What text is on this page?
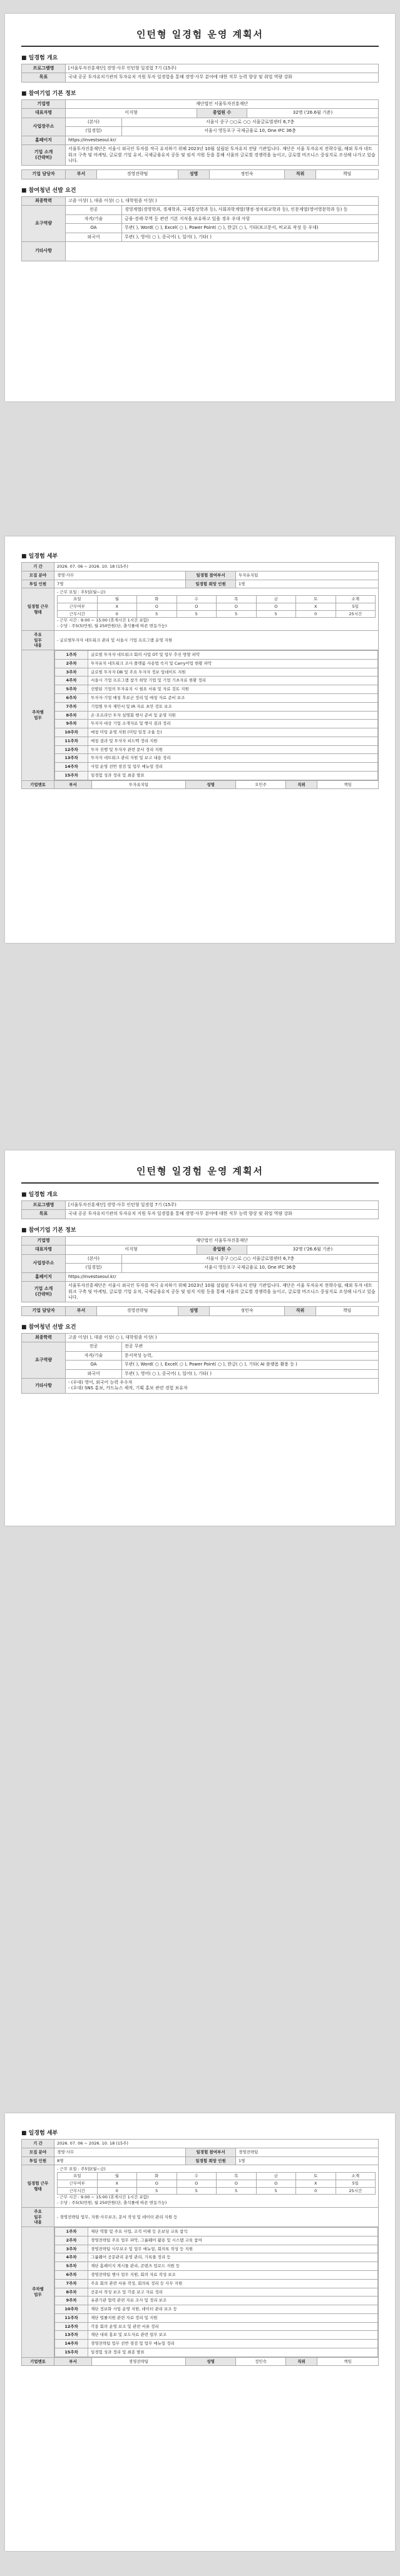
인턴형 일경험 운영 계획서
■ 일경험 개요
프로그램명	[서울투자진흥재단] 경영·사무 인턴형 일경험 7기 (15주)
목표	국내 공공 투자유치기관의 투자유치 지원 투자 일경험을 통해 경영·사무 분야에 대한 직무 능력 향상 및 취업 역량 강화
■ 참여기업 기본 정보
기업명	재단법인 서울투자진흥재단			
대표자명	이지형		종업원 수	32명 ('26.6월 기준)
사업장주소	(본사)	서울시 중구 ○○로 ○○ 서울글로벌센터 6,7층		
	(일경험)	서울시 영등포구 국제금융로 10, One IFC 36층		
홈페이지	https://investseoul.kr/			
기업 소개
(간략히)	서울투자진흥재단은 서울시 외국인 투자를 적극 유치하기 위해 2023년 10월 설립된 투자유치 전담 기관입니다. 재단은 서울 투자유치 전략수립, 해외 투자 네트워크 구축 및 마케팅, 글로벌 기업 유치, 국제금융유치 공동 및 임직 지원 등을 통해 서울의 글로벌 경쟁력을 높이고, 글로벌 비즈니스 중심지로 조성해 나가고 있습니다.			
기업 담당자	부서	경영전략팀	성명	정민숙	직위	책임
■ 참여청년 선발 요건
최종학력	고졸 이상( ), 대졸 이상( ○ ), 대학원졸 이상( )	
요구역량	전공	경영계열(경영학과, 경제학과, 국제통상학과 등), 사회과학계열(행정·정치외교학과 등), 인문계열(영어영문학과 등) 등
	자격/기술	금융·경제·무역 등 관련 기본 지식을 보유하고 있을 경우 우대 사항
	OA	무관( ), Word( ○ ), Excel( ○ ), Power Point( ○ ), 한글( ○ ), 기타(보고문서, 비교표 작성 등 우대)
	외국어	무관( ), 영어( ○ ), 중국어( ), 일어( ), 기타( )
기타사항		
■ 일경험 세부
기 간	2026. 07. 06 ~ 2026. 10. 18 (15주)
모집 분야	경영·사무	일경험 참여부서	투자유치팀
투입 인원	7명	일경험 희망 인원	1명
일경험 근무
형태	
- 근무 요일 : 주5일(월~금)
요일	월	화	수	목	금	토	소계
근무여부	X	O	O	O	O	X	5일
근무시간	0	5	5	5	5	0	25시간
- 근무 시간 : 9:00 ~ 15:00 (휴게시간 1시간 포함)
- 수당 : 주5(5)만원, 월 250만원(단, 출석률에 따른 변동가능)

주요
일무
내용	- 글로벌투자자 네트워크 관리 및 서울시 기업 프로그램 운영 지원
주차별
업무	
1주차	글로벌 투자자 네트워크 회의 사업 OT 및 업무 추진 방향 파악
2주차	투자유치 네트워크 조사 플랫폼 사용법 숙지 및 Carry어업 현황 파악
3주차	글로벌 투자자 DB 및 주요 투자자 정보 업데이트 지원
4주차	서울시 기업 프로그램 참가 희망 기업 및 기업 기초자료 현황 정리
5주차	선발된 기업의 투자유치 시 필요 서류 및 자료 검토 지원
6주차	투자자·기업 매칭 후보군 정리 및 매칭 자료 준비 보조
7주차	기업별 투자 제안서 및 IR 자료 초안 검토 보조
8주차	온·오프라인 투자 설명회 행사 준비 및 운영 지원
9주차	투자자 대상 기업 소개자료 및 행사 결과 정리
10주차	매칭 미팅 운영 지원 (미팅 일정 조율 등)
11주차	매칭 결과 및 투자자 피드백 정리 지원
12주차	투자 진행 및 투자자 관련 문서 정리 지원
13주차	투자자 네트워크 관리 지원 및 보고 내용 정리
14주차	사업 운영 전반 점검 및 업무 매뉴얼 정리
15주차	일경험 성과 정리 및 최종 발표

기업멘토	부서	투자유치팀	성명	오민주	직위	책임
인턴형 일경험 운영 계획서
■ 일경험 개요
프로그램명	[서울투자진흥재단] 경영·사무 인턴형 일경험 7기 (15주)
목표	국내 공공 투자유치기관의 투자유치 지원 투자 일경험을 통해 경영·사무 분야에 대한 직무 능력 향상 및 취업 역량 강화
■ 참여기업 기본 정보
기업명	재단법인 서울투자진흥재단			
대표자명	이지형		종업원 수	32명 ('26.6월 기준)
사업장주소	(본사)	서울시 중구 ○○로 ○○ 서울글로벌센터 6,7층		
	(일경험)	서울시 영등포구 국제금융로 10, One IFC 36층		
홈페이지	https://investseoul.kr/			
기업 소개
(간략히)	서울투자진흥재단은 서울시 외국인 투자를 적극 유치하기 위해 2023년 10월 설립된 투자유치 전담 기관입니다. 재단은 서울 투자유치 전략수립, 해외 투자 네트워크 구축 및 마케팅, 글로벌 기업 유치, 국제금융유치 공동 및 임직 지원 등을 통해 서울의 글로벌 경쟁력을 높이고, 글로벌 비즈니스 중심지로 조성해 나가고 있습니다.			
기업 담당자	부서	경영전략팀	성명	정민숙	직위	책임
■ 참여청년 선발 요건
최종학력	고졸 이상( ), 대졸 이상( ○ ), 대학원졸 이상( )	
요구역량	전공	전공 무관
	자격/기술	문서작성 능력,
	OA	무관( ), Word( ○ ), Excel( ○ ), Power Point( ○ ), 한글( ○ ), 기타( AI 플랫폼 활용 등 )
	외국어	무관( ), 영어( ○ ), 중국어( ), 일어( ), 기타( )
기타사항	- (우대) 영어, 외국어 능력 우수자
- (우대) SNS 홍보, 카드뉴스 제작, 기획 홍보 관련 경험 보유자	
■ 일경험 세부
기 간	2026. 07. 06 ~ 2026. 10. 18 (15주)
모집 분야	경영·사무	일경험 참여부서	경영전략팀
투입 인원	8명	일경험 희망 인원	1명
일경험 근무
형태	
- 근무 요일 : 주5일(월~금)
요일	월	화	수	목	금	토	소계
근무여부	X	O	O	O	O	X	5일
근무시간	0	5	5	5	5	0	25시간
- 근무 시간 : 9:00 ~ 15:00 (휴게시간 1시간 포함)
- 수당 : 주5(5)만원, 월 250만원(단, 출석률에 따른 변동가능)

주요
일무
내용	- 경영전략팀 업무, 지원·사무보조, 문서 작성 및 데이터 관리 지원 등
주차별
업무	
1주차	재단 역할 및 주요 사업, 조직 이해 등 온보딩 교육 참석
2주차	경영전략팀 주요 업무 파악, 그룹웨어 활용 및 시스템 교육 참여
3주차	경영전략팀 사무보조 및 업무 매뉴얼, 회의록 작성 등 지원
4주차	그룹웨어 공문관리 운영 관리, 기록물 정리 등
5주차	재단 홈페이지 게시물 관리, 콘텐츠 업로드 지원 등
6주차	경영전략팀 행사 업무 지원, 회의 자료 작성 보조
7주차	주요 회의 관련 서류 작성, 회의록 정리 등 사무 지원
8주차	공문서 작성 보조 및 각종 보고 자료 정리
9주차	유관기관 협력 관련 자료 조사 및 정리 보조
10주차	재단 정보화 사업 운영 지원, 데이터 관리 보조 등
11주차	재단 법률지원 관련 자료 정리 및 지원
12주차	각종 회의 운영 보조 및 관련 서류 정리
13주차	재단 대외 홍보 및 보도자료 관련 업무 보조
14주차	경영전략팀 업무 전반 점검 및 업무 매뉴얼 정리
15주차	일경험 성과 정리 및 최종 발표

기업멘토	부서	경영전략팀	성명	정민숙	직위	책임
